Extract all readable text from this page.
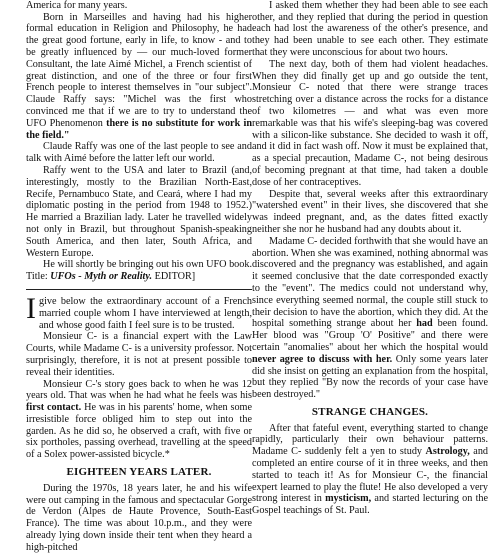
America for many years.

Born in Marseilles and having had his higher formal education in Religion and Philosophy, he had the great good fortune, early in life, to know - and to be greatly influenced by — our much-loved former Consultant, the late Aimé Michel, a French scientist of great distinction, and one of the three or four first French people to interest themselves in "our subject". Claude Raffy says: "Michel was the first who convinced me that if we are to try to understand the UFO Phenomenon there is no substitute for work in the field."

Claude Raffy was one of the last people to see and talk with Aimé before the latter left our world.

Raffy went to the USA and later to Brazil (and, interestingly, mostly to the Brazilian North-East, Recife, Pernambuco State, and Ceará, where I had my diplomatic posting in the period from 1948 to 1952.) He married a Brazilian lady. Later he travelled widely not only in Brazil, but throughout Spanish-speaking South America, and then later, South Africa, and Western Europe.

He will shortly be bringing out his own UFO book. Title: UFOs - Myth or Reality. EDITOR]

Igive below the extraordinary account of a French married couple whom I have interviewed at length, and whose good faith I feel sure is to be trusted.

Monsieur C- is a financial expert with the Law Courts, while Madame C- is a university professor. Not surprisingly, therefore, it is not at present possible to reveal their identities.

Monsieur C-'s story goes back to when he was 12 years old. That was when he had what he feels was his first contact. He was in his parents' home, when some irresistible force obliged him to step out into the garden. As he did so, he observed a craft, with five or six portholes, passing overhead, travelling at the speed of a Solex power-assisted bicycle.*

EIGHTEEN YEARS LATER.

During the 1970s, 18 years later, he and his wife were out camping in the famous and spectacular Gorge de Verdon (Alpes de Haute Provence, South-East France). The time was about 10.p.m., and they were already lying down inside their tent when they heard a high-pitched

I asked them whether they had been able to see each other, and they replied that during the period in question each had lost the awareness of the other's presence, and they had been unable to see each other. They estimate that they were unconscious for about two hours.

The next day, both of them had violent headaches. When they did finally get up and go outside the tent, Monsieur C- noted that there were strange traces stretching over a distance across the rocks for a distance of two kilometres — and what was even more remarkable was that his wife's sleeping-bag was covered with a silicon-like substance. She decided to wash it off, and it did in fact wash off. Now it must be explained that, as a special precaution, Madame C-, not being desirous of becoming pregnant at that time, had taken a double dose of her contraceptives.

Despite that, several weeks after this extraordinary "watershed event" in their lives, she discovered that she was indeed pregnant, and, as the dates fitted exactly neither she nor he husband had any doubts about it.

Madame C- decided forthwith that she would have an abortion. When she was examined, nothing abnormal was discovered and the pregnancy was established, and again it seemed conclusive that the date corresponded exactly to the "event". The medics could not understand why, since everything seemed normal, the couple still stuck to their decision to have the abortion, which they did. At the hospital something strange about her had been found. Her blood was "Group 'O' Positive" and there were certain "anomalies" about her which the hospital would never agree to discuss with her. Only some years later did she insist on getting an explanation from the hospital, but they replied "By now the records of your case have been destroyed."

STRANGE CHANGES.

After that fateful event, everything started to change rapidly, particularly their own behaviour patterns. Madame C- suddenly felt a yen to study Astrology, and completed an entire course of it in three weeks, and then started to teach it! As for Monsieur C-, the financial expert learned to play the flute! He also developed a very strong interest in mysticism, and started lecturing on the Gospel teachings of St. Paul.
